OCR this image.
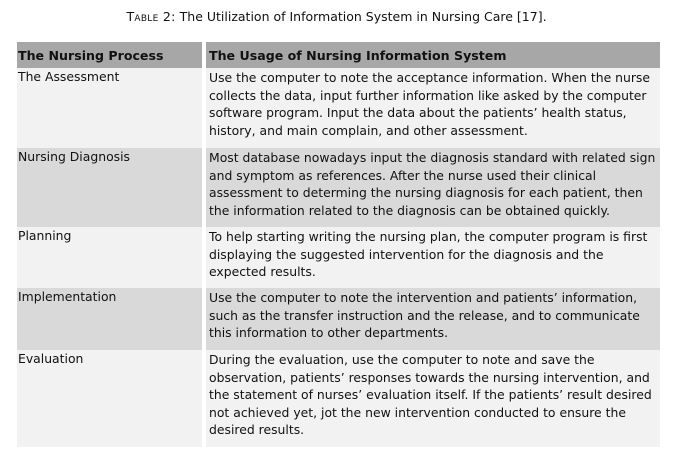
Table 2: The Utilization of Information System in Nursing Care [17].
The Nursing Process		The Usage of Nursing Information System
The Assessment		Use the computer to note the acceptance information. When the nurse collects the data, input further information like asked by the computer software program. Input the data about the patients’ health status, history, and main complain, and other assessment.
Nursing Diagnosis		Most database nowadays input the diagnosis standard with related sign and symptom as references. After the nurse used their clinical assessment to determing the nursing diagnosis for each patient, then the information related to the diagnosis can be obtained quickly.
Planning		To help starting writing the nursing plan, the computer program is first displaying the suggested intervention for the diagnosis and the expected results.
Implementation		Use the computer to note the intervention and patients’ information, such as the transfer instruction and the release, and to communicate this information to other departments.
Evaluation		During the evaluation, use the computer to note and save the observation, patients’ responses towards the nursing intervention, and the statement of nurses’ evaluation itself. If the patients’ result desired not achieved yet, jot the new intervention conducted to ensure the desired results.
